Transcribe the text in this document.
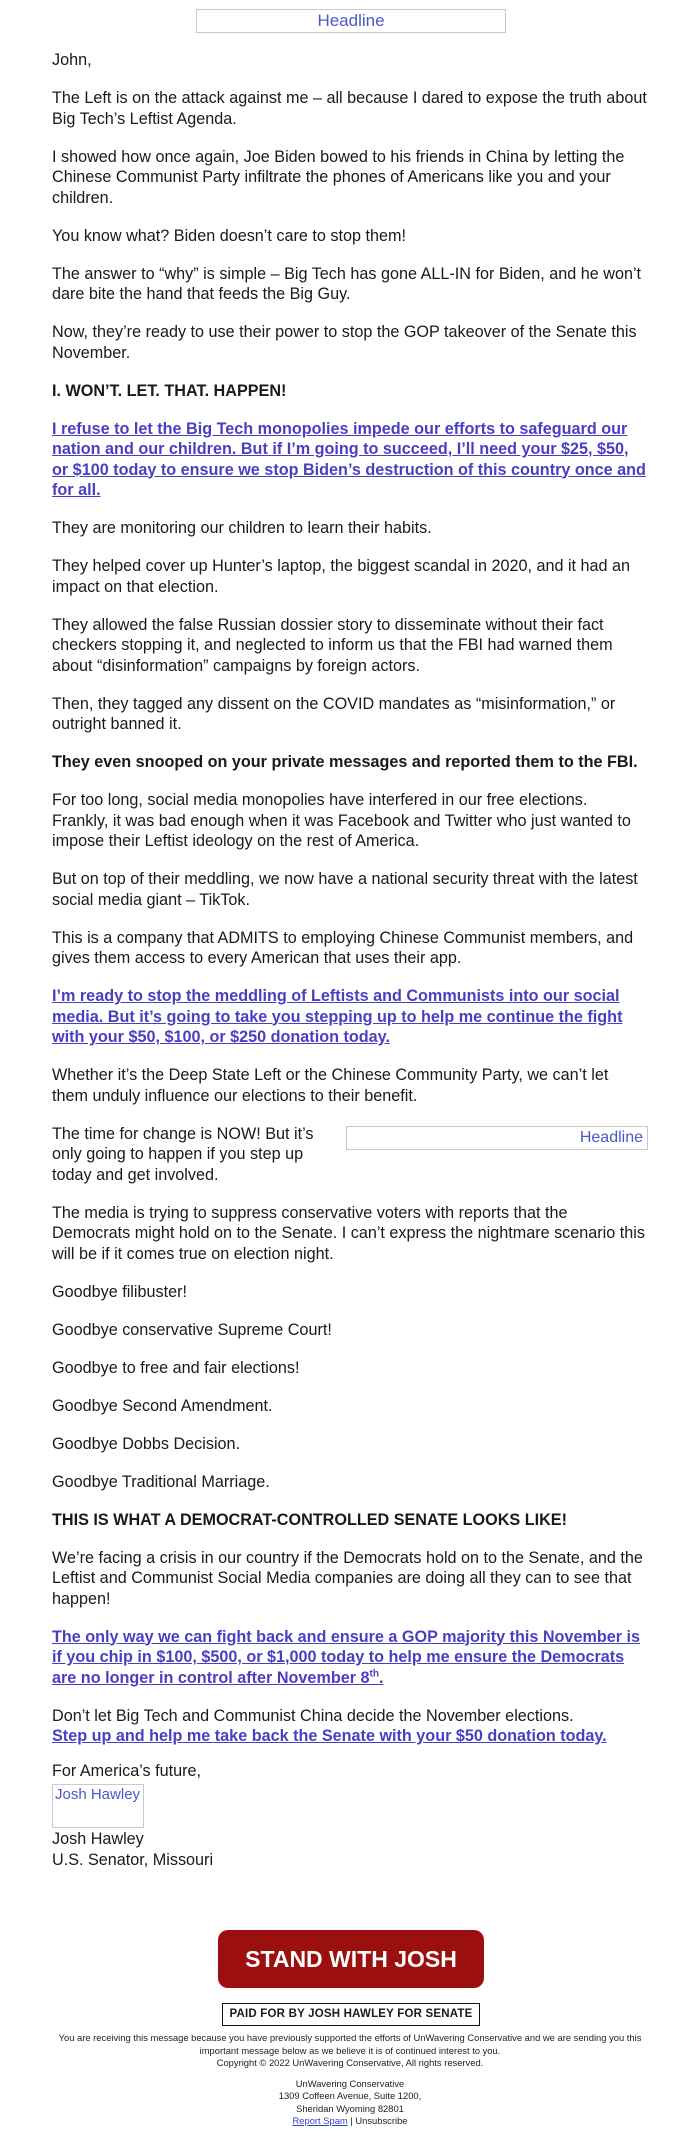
Headline

John,

The Left is on the attack against me – all because I dared to expose the truth about Big Tech’s Leftist Agenda.

I showed how once again, Joe Biden bowed to his friends in China by letting the Chinese Communist Party infiltrate the phones of Americans like you and your children.

You know what? Biden doesn’t care to stop them!

The answer to “why” is simple – Big Tech has gone ALL-IN for Biden, and he won’t dare bite the hand that feeds the Big Guy.

Now, they’re ready to use their power to stop the GOP takeover of the Senate this November.

I. WON’T. LET. THAT. HAPPEN!

I refuse to let the Big Tech monopolies impede our efforts to safeguard our nation and our children. But if I’m going to succeed, I’ll need your $25, $50, or $100 today to ensure we stop Biden’s destruction of this country once and for all.

They are monitoring our children to learn their habits.

They helped cover up Hunter’s laptop, the biggest scandal in 2020, and it had an impact on that election.

They allowed the false Russian dossier story to disseminate without their fact checkers stopping it, and neglected to inform us that the FBI had warned them about “disinformation” campaigns by foreign actors.

Then, they tagged any dissent on the COVID mandates as “misinformation,” or outright banned it.

They even snooped on your private messages and reported them to the FBI.

For too long, social media monopolies have interfered in our free elections. Frankly, it was bad enough when it was Facebook and Twitter who just wanted to impose their Leftist ideology on the rest of America.

But on top of their meddling, we now have a national security threat with the latest social media giant – TikTok.

This is a company that ADMITS to employing Chinese Communist members, and gives them access to every American that uses their app.

I’m ready to stop the meddling of Leftists and Communists into our social media. But it’s going to take you stepping up to help me continue the fight with your $50, $100, or $250 donation today.

Whether it’s the Deep State Left or the Chinese Community Party, we can’t let them unduly influence our elections to their benefit.

Headline

The time for change is NOW! But it’s only going to happen if you step up today and get involved.

The media is trying to suppress conservative voters with reports that the Democrats might hold on to the Senate. I can’t express the nightmare scenario this will be if it comes true on election night.

Goodbye filibuster!

Goodbye conservative Supreme Court!

Goodbye to free and fair elections!

Goodbye Second Amendment.

Goodbye Dobbs Decision.

Goodbye Traditional Marriage.

THIS IS WHAT A DEMOCRAT-CONTROLLED SENATE LOOKS LIKE!

We’re facing a crisis in our country if the Democrats hold on to the Senate, and the Leftist and Communist Social Media companies are doing all they can to see that happen!

The only way we can fight back and ensure a GOP majority this November is if you chip in $100, $500, or $1,000 today to help me ensure the Democrats are no longer in control after November 8th.

Don’t let Big Tech and Communist China decide the November elections.
Step up and help me take back the Senate with your $50 donation today.

For America’s future,
Josh Hawley
Josh Hawley
U.S. Senator, Missouri
STAND WITH JOSH
PAID FOR BY JOSH HAWLEY FOR SENATE

You are receiving this message because you have previously supported the efforts of UnWavering Conservative and we are sending you this important message below as we believe it is of continued interest to you.

Copyright © 2022 UnWavering Conservative, All rights reserved.

UnWavering Conservative

1309 Coffeen Avenue, Suite 1200,

Sheridan Wyoming 82801

Report Spam | Unsubscribe
